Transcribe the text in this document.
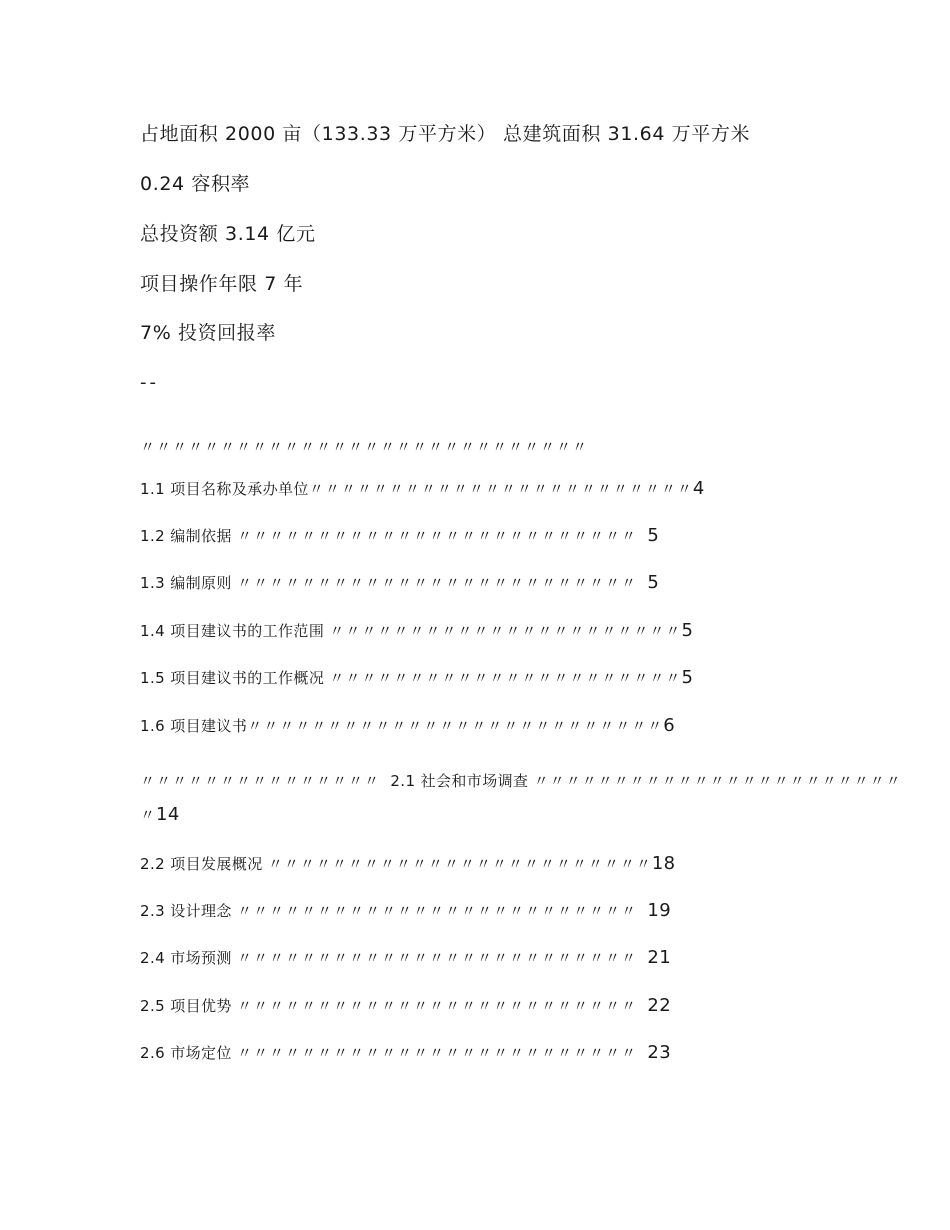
占地面积 2000 亩（133.33 万平方米） 总建筑面积 31.64 万平方米
0.24 容积率
总投资额 3.14 亿元
项目操作年限 7 年
7% 投资回报率
--
〃〃〃〃〃〃〃〃〃〃〃〃〃〃〃〃〃〃〃〃〃〃〃〃〃〃〃〃
1.1 项目名称及承办单位〃〃〃〃〃〃〃〃〃〃〃〃〃〃〃〃〃〃〃〃〃〃〃〃4
1.2 编制依据 〃〃〃〃〃〃〃〃〃〃〃〃〃〃〃〃〃〃〃〃〃〃〃〃〃 5
1.3 编制原则 〃〃〃〃〃〃〃〃〃〃〃〃〃〃〃〃〃〃〃〃〃〃〃〃〃 5
1.4 项目建议书的工作范围 〃〃〃〃〃〃〃〃〃〃〃〃〃〃〃〃〃〃〃〃〃〃5
1.5 项目建议书的工作概况 〃〃〃〃〃〃〃〃〃〃〃〃〃〃〃〃〃〃〃〃〃〃5
1.6 项目建议书〃〃〃〃〃〃〃〃〃〃〃〃〃〃〃〃〃〃〃〃〃〃〃〃〃〃6
〃〃〃〃〃〃〃〃〃〃〃〃〃〃〃 2.1 社会和市场调查 〃〃〃〃〃〃〃〃〃〃〃〃〃〃〃〃〃〃〃〃〃〃〃
〃14
2.2 项目发展概况 〃〃〃〃〃〃〃〃〃〃〃〃〃〃〃〃〃〃〃〃〃〃〃〃18
2.3 设计理念 〃〃〃〃〃〃〃〃〃〃〃〃〃〃〃〃〃〃〃〃〃〃〃〃〃 19
2.4 市场预测 〃〃〃〃〃〃〃〃〃〃〃〃〃〃〃〃〃〃〃〃〃〃〃〃〃 21
2.5 项目优势 〃〃〃〃〃〃〃〃〃〃〃〃〃〃〃〃〃〃〃〃〃〃〃〃〃 22
2.6 市场定位 〃〃〃〃〃〃〃〃〃〃〃〃〃〃〃〃〃〃〃〃〃〃〃〃〃 23
